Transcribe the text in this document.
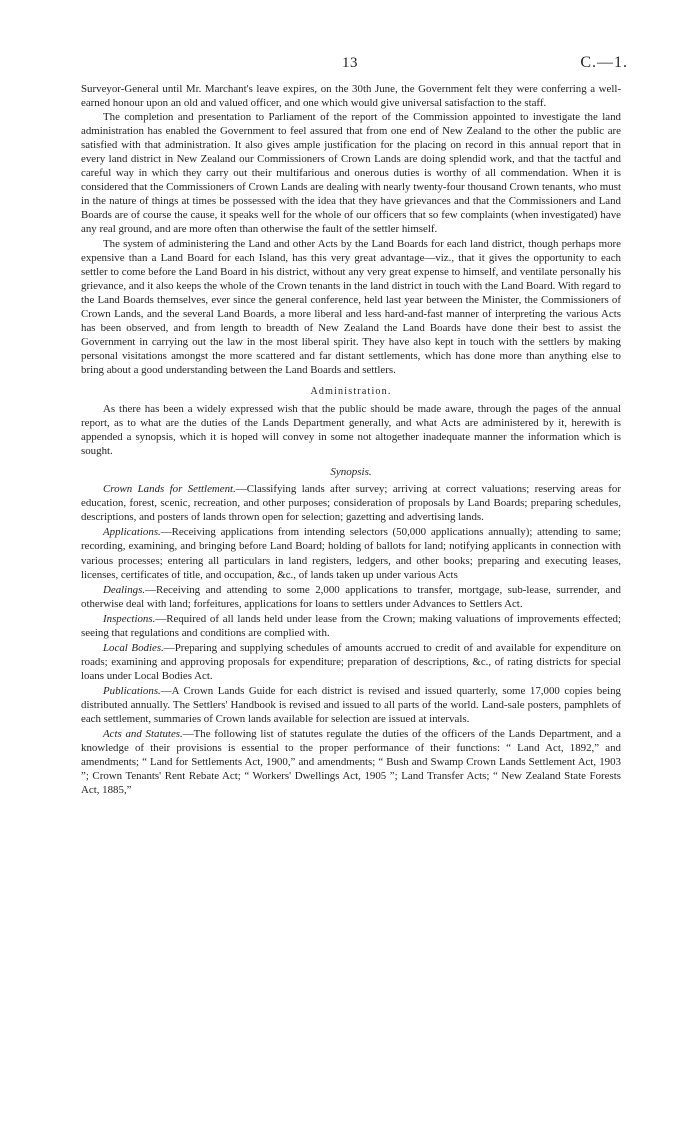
13	C.—1.

Surveyor-General until Mr. Marchant's leave expires, on the 30th June, the Government felt they were conferring a well-earned honour upon an old and valued officer, and one which would give universal satisfaction to the staff.

The completion and presentation to Parliament of the report of the Commission appointed to investigate the land administration has enabled the Government to feel assured that from one end of New Zealand to the other the public are satisfied with that administration. It also gives ample justification for the placing on record in this annual report that in every land district in New Zealand our Commissioners of Crown Lands are doing splendid work, and that the tactful and careful way in which they carry out their multifarious and onerous duties is worthy of all commendation. When it is considered that the Commissioners of Crown Lands are dealing with nearly twenty-four thousand Crown tenants, who must in the nature of things at times be possessed with the idea that they have grievances and that the Commissioners and Land Boards are of course the cause, it speaks well for the whole of our officers that so few complaints (when investigated) have any real ground, and are more often than otherwise the fault of the settler himself.

The system of administering the Land and other Acts by the Land Boards for each land district, though perhaps more expensive than a Land Board for each Island, has this very great advantage—viz., that it gives the opportunity to each settler to come before the Land Board in his district, without any very great expense to himself, and ventilate personally his grievance, and it also keeps the whole of the Crown tenants in the land district in touch with the Land Board. With regard to the Land Boards themselves, ever since the general conference, held last year between the Minister, the Commissioners of Crown Lands, and the several Land Boards, a more liberal and less hard-and-fast manner of interpreting the various Acts has been observed, and from length to breadth of New Zealand the Land Boards have done their best to assist the Government in carrying out the law in the most liberal spirit. They have also kept in touch with the settlers by making personal visitations amongst the more scattered and far distant settlements, which has done more than anything else to bring about a good understanding between the Land Boards and settlers.

Administration.

As there has been a widely expressed wish that the public should be made aware, through the pages of the annual report, as to what are the duties of the Lands Department generally, and what Acts are administered by it, herewith is appended a synopsis, which it is hoped will convey in some not altogether inadequate manner the information which is sought.

Synopsis.

Crown Lands for Settlement.—Classifying lands after survey; arriving at correct valuations; reserving areas for education, forest, scenic, recreation, and other purposes; consideration of proposals by Land Boards; preparing schedules, descriptions, and posters of lands thrown open for selection; gazetting and advertising lands.

Applications.—Receiving applications from intending selectors (50,000 applications annually); attending to same; recording, examining, and bringing before Land Board; holding of ballots for land; notifying applicants in connection with various processes; entering all particulars in land registers, ledgers, and other books; preparing and executing leases, licenses, certificates of title, and occupation, &c., of lands taken up under various Acts

Dealings.—Receiving and attending to some 2,000 applications to transfer, mortgage, sub-lease, surrender, and otherwise deal with land; forfeitures, applications for loans to settlers under Advances to Settlers Act.

Inspections.—Required of all lands held under lease from the Crown; making valuations of improvements effected; seeing that regulations and conditions are complied with.

Local Bodies.—Preparing and supplying schedules of amounts accrued to credit of and available for expenditure on roads; examining and approving proposals for expenditure; preparation of descriptions, &c., of rating districts for special loans under Local Bodies Act.

Publications.—A Crown Lands Guide for each district is revised and issued quarterly, some 17,000 copies being distributed annually. The Settlers' Handbook is revised and issued to all parts of the world. Land-sale posters, pamphlets of each settlement, summaries of Crown lands available for selection are issued at intervals.

Acts and Statutes.—The following list of statutes regulate the duties of the officers of the Lands Department, and a knowledge of their provisions is essential to the proper performance of their functions: “ Land Act, 1892,” and amendments; “ Land for Settlements Act, 1900,” and amendments; “ Bush and Swamp Crown Lands Settlement Act, 1903 ”; Crown Tenants' Rent Rebate Act; “ Workers' Dwellings Act, 1905 ”; Land Transfer Acts; “ New Zealand State Forests Act, 1885,”
